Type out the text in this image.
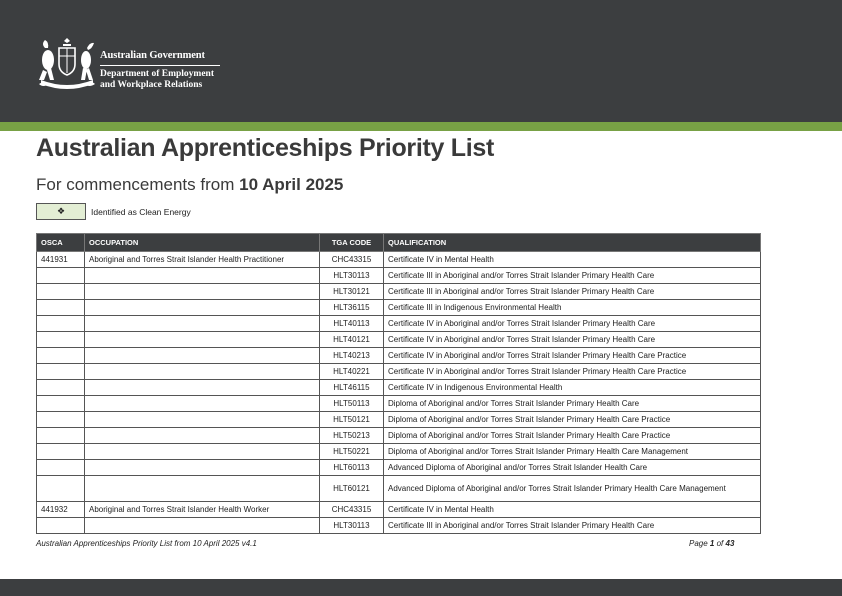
Australian Government
Department of Employment
and Workplace Relations
Australian Apprenticeships Priority List
For commencements from 10 April 2025
❖	Identified as Clean Energy
OSCA	OCCUPATION	TGA CODE	QUALIFICATION
441931	Aboriginal and Torres Strait Islander Health Practitioner	CHC43315	Certificate IV in Mental Health
		HLT30113	Certificate III in Aboriginal and/or Torres Strait Islander Primary Health Care
		HLT30121	Certificate III in Aboriginal and/or Torres Strait Islander Primary Health Care
		HLT36115	Certificate III in Indigenous Environmental Health
		HLT40113	Certificate IV in Aboriginal and/or Torres Strait Islander Primary Health Care
		HLT40121	Certificate IV in Aboriginal and/or Torres Strait Islander Primary Health Care
		HLT40213	Certificate IV in Aboriginal and/or Torres Strait Islander Primary Health Care Practice
		HLT40221	Certificate IV in Aboriginal and/or Torres Strait Islander Primary Health Care Practice
		HLT46115	Certificate IV in Indigenous Environmental Health
		HLT50113	Diploma of Aboriginal and/or Torres Strait Islander Primary Health Care
		HLT50121	Diploma of Aboriginal and/or Torres Strait Islander Primary Health Care Practice
		HLT50213	Diploma of Aboriginal and/or Torres Strait Islander Primary Health Care Practice
		HLT50221	Diploma of Aboriginal and/or Torres Strait Islander Primary Health Care Management
		HLT60113	Advanced Diploma of Aboriginal and/or Torres Strait Islander Health Care
		HLT60121	Advanced Diploma of Aboriginal and/or Torres Strait Islander Primary Health Care Management
441932	Aboriginal and Torres Strait Islander Health Worker	CHC43315	Certificate IV in Mental Health
		HLT30113	Certificate III in Aboriginal and/or Torres Strait Islander Primary Health Care
Australian Apprenticeships Priority List from 10 April 2025 v4.1	Page 1 of 43
